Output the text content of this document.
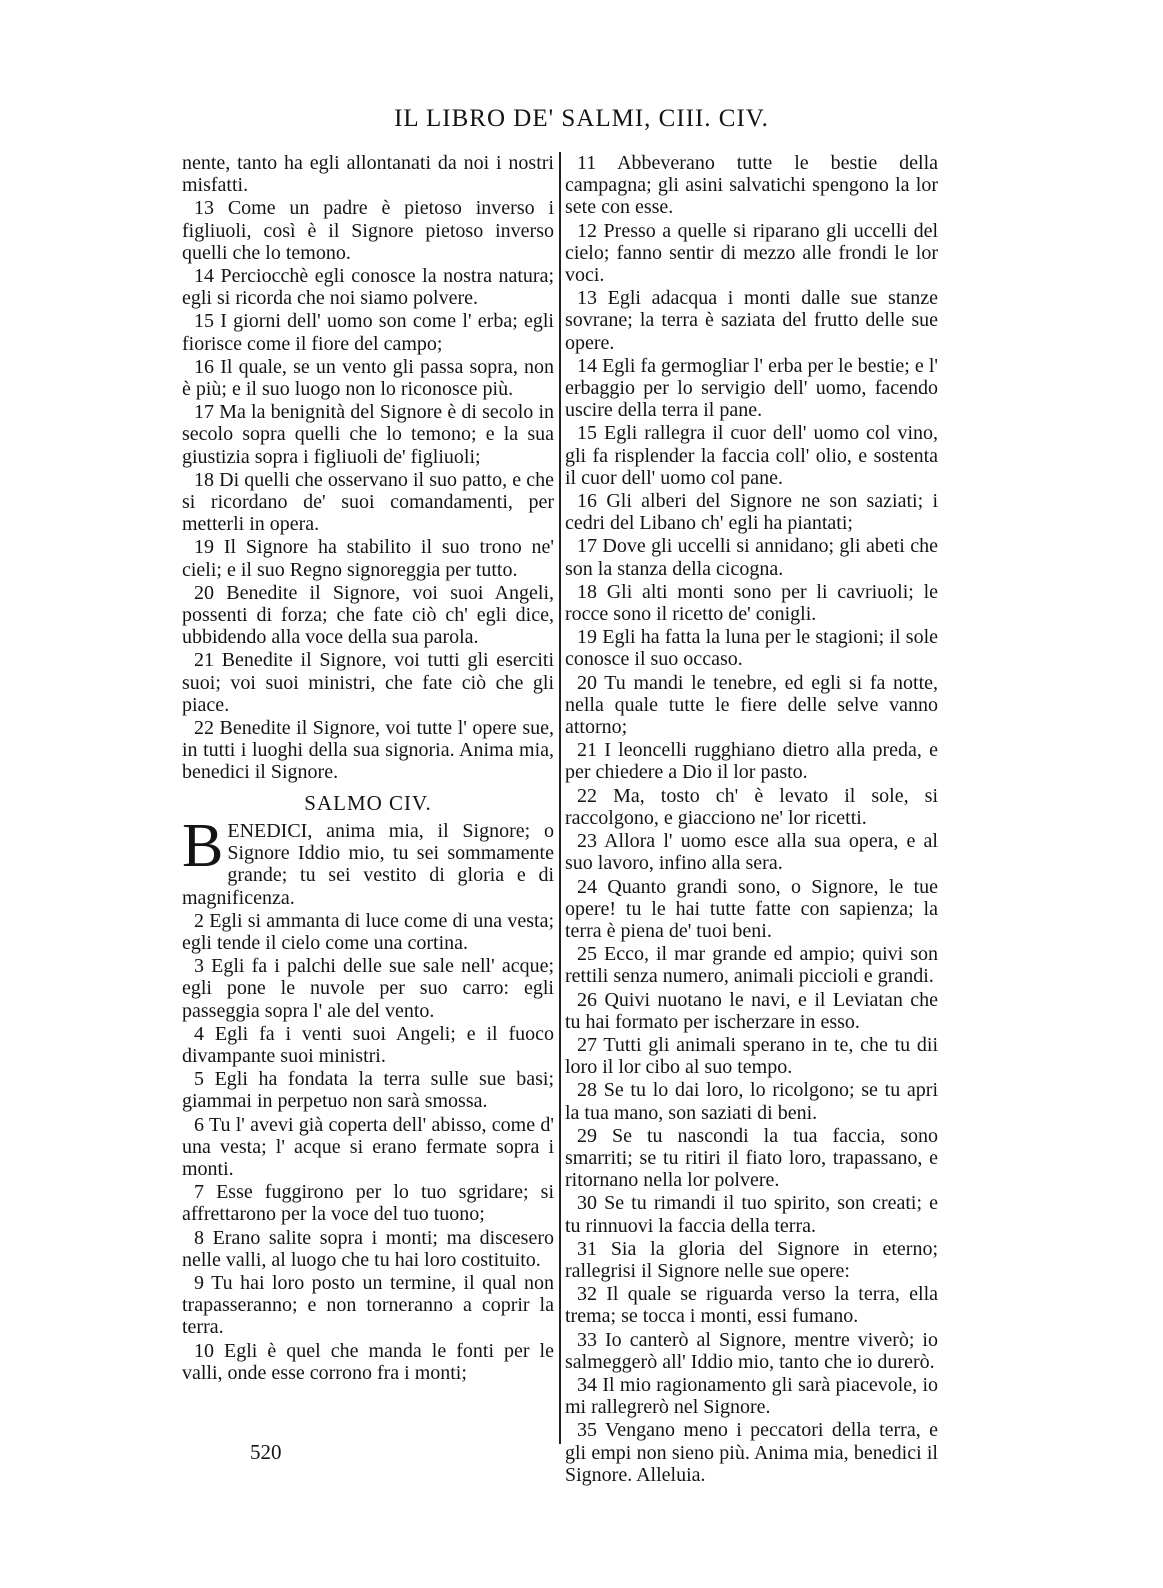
IL LIBRO DE' SALMI, CIII. CIV.

nente, tanto ha egli allontanati da noi i nostri misfatti.

13 Come un padre è pietoso inverso i figliuoli, così è il Signore pietoso inverso quelli che lo temono.

14 Perciocchè egli conosce la nostra natura; egli si ricorda che noi siamo polvere.

15 I giorni dell' uomo son come l' erba; egli fiorisce come il fiore del campo;

16 Il quale, se un vento gli passa sopra, non è più; e il suo luogo non lo riconosce più.

17 Ma la benignità del Signore è di secolo in secolo sopra quelli che lo temono; e la sua giustizia sopra i figliuoli de' figliuoli;

18 Di quelli che osservano il suo patto, e che si ricordano de' suoi comandamenti, per metterli in opera.

19 Il Signore ha stabilito il suo trono ne' cieli; e il suo Regno signoreggia per tutto.

20 Benedite il Signore, voi suoi Angeli, possenti di forza; che fate ciò ch' egli dice, ubbidendo alla voce della sua parola.

21 Benedite il Signore, voi tutti gli eserciti suoi; voi suoi ministri, che fate ciò che gli piace.

22 Benedite il Signore, voi tutte l' opere sue, in tutti i luoghi della sua signoria. Anima mia, benedici il Signore.

SALMO CIV.

BENEDICI, anima mia, il Signore; o Signore Iddio mio, tu sei sommamente grande; tu sei vestito di gloria e di magnificenza.

2 Egli si ammanta di luce come di una vesta; egli tende il cielo come una cortina.

3 Egli fa i palchi delle sue sale nell' acque; egli pone le nuvole per suo carro: egli passeggia sopra l' ale del vento.

4 Egli fa i venti suoi Angeli; e il fuoco divampante suoi ministri.

5 Egli ha fondata la terra sulle sue basi; giammai in perpetuo non sarà smossa.

6 Tu l' avevi già coperta dell' abisso, come d' una vesta; l' acque si erano fermate sopra i monti.

7 Esse fuggirono per lo tuo sgridare; si affrettarono per la voce del tuo tuono;

8 Erano salite sopra i monti; ma discesero nelle valli, al luogo che tu hai loro costituito.

9 Tu hai loro posto un termine, il qual non trapasseranno; e non torneranno a coprir la terra.

10 Egli è quel che manda le fonti per le valli, onde esse corrono fra i monti;

11 Abbeverano tutte le bestie della campagna; gli asini salvatichi spengono la lor sete con esse.

12 Presso a quelle si riparano gli uccelli del cielo; fanno sentir di mezzo alle frondi le lor voci.

13 Egli adacqua i monti dalle sue stanze sovrane; la terra è saziata del frutto delle sue opere.

14 Egli fa germogliar l' erba per le bestie; e l' erbaggio per lo servigio dell' uomo, facendo uscire della terra il pane.

15 Egli rallegra il cuor dell' uomo col vino, gli fa risplender la faccia coll' olio, e sostenta il cuor dell' uomo col pane.

16 Gli alberi del Signore ne son saziati; i cedri del Libano ch' egli ha piantati;

17 Dove gli uccelli si annidano; gli abeti che son la stanza della cicogna.

18 Gli alti monti sono per li cavriuoli; le rocce sono il ricetto de' conigli.

19 Egli ha fatta la luna per le stagioni; il sole conosce il suo occaso.

20 Tu mandi le tenebre, ed egli si fa notte, nella quale tutte le fiere delle selve vanno attorno;

21 I leoncelli rugghiano dietro alla preda, e per chiedere a Dio il lor pasto.

22 Ma, tosto ch' è levato il sole, si raccolgono, e giacciono ne' lor ricetti.

23 Allora l' uomo esce alla sua opera, e al suo lavoro, infino alla sera.

24 Quanto grandi sono, o Signore, le tue opere! tu le hai tutte fatte con sapienza; la terra è piena de' tuoi beni.

25 Ecco, il mar grande ed ampio; quivi son rettili senza numero, animali piccioli e grandi.

26 Quivi nuotano le navi, e il Leviatan che tu hai formato per ischerzare in esso.

27 Tutti gli animali sperano in te, che tu dii loro il lor cibo al suo tempo.

28 Se tu lo dai loro, lo ricolgono; se tu apri la tua mano, son saziati di beni.

29 Se tu nascondi la tua faccia, sono smarriti; se tu ritiri il fiato loro, trapassano, e ritornano nella lor polvere.

30 Se tu rimandi il tuo spirito, son creati; e tu rinnuovi la faccia della terra.

31 Sia la gloria del Signore in eterno; rallegrisi il Signore nelle sue opere:

32 Il quale se riguarda verso la terra, ella trema; se tocca i monti, essi fumano.

33 Io canterò al Signore, mentre viverò; io salmeggerò all' Iddio mio, tanto che io durerò.

34 Il mio ragionamento gli sarà piacevole, io mi rallegrerò nel Signore.

35 Vengano meno i peccatori della terra, e gli empi non sieno più. Anima mia, benedici il Signore. Alleluia.

520
